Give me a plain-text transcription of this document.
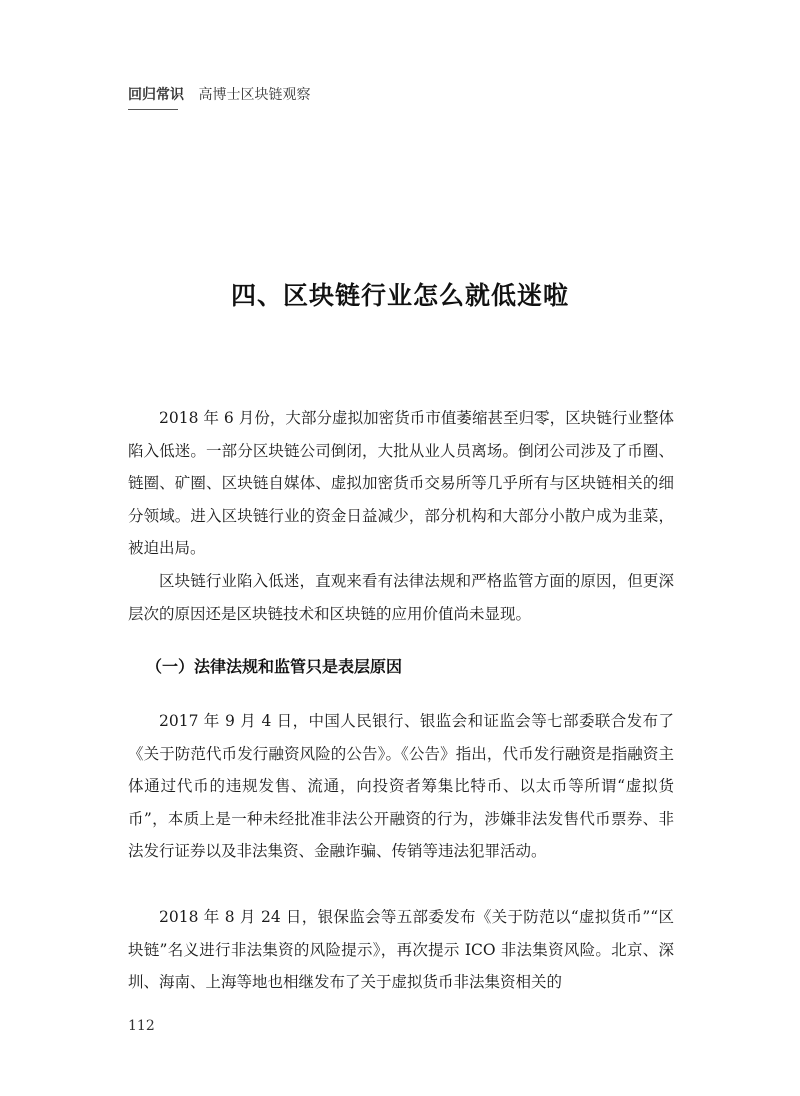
回归常识 高博士区块链观察
四、区块链行业怎么就低迷啦

2018 年 6 月份，大部分虚拟加密货币市值萎缩甚至归零，区块链行业整体陷入低迷。一部分区块链公司倒闭，大批从业人员离场。倒闭公司涉及了币圈、链圈、矿圈、区块链自媒体、虚拟加密货币交易所等几乎所有与区块链相关的细分领域。进入区块链行业的资金日益减少，部分机构和大部分小散户成为韭菜，被迫出局。

区块链行业陷入低迷，直观来看有法律法规和严格监管方面的原因，但更深层次的原因还是区块链技术和区块链的应用价值尚未显现。

（一）法律法规和监管只是表层原因

2017 年 9 月 4 日，中国人民银行、银监会和证监会等七部委联合发布了《关于防范代币发行融资风险的公告》。《公告》指出，代币发行融资是指融资主体通过代币的违规发售、流通，向投资者筹集比特币、以太币等所谓“虚拟货币”，本质上是一种未经批准非法公开融资的行为，涉嫌非法发售代币票券、非法发行证券以及非法集资、金融诈骗、传销等违法犯罪活动。

2018 年 8 月 24 日，银保监会等五部委发布《关于防范以“虚拟货币”“区块链”名义进行非法集资的风险提示》，再次提示 ICO 非法集资风险。北京、深圳、海南、上海等地也相继发布了关于虚拟货币非法集资相关的

112
